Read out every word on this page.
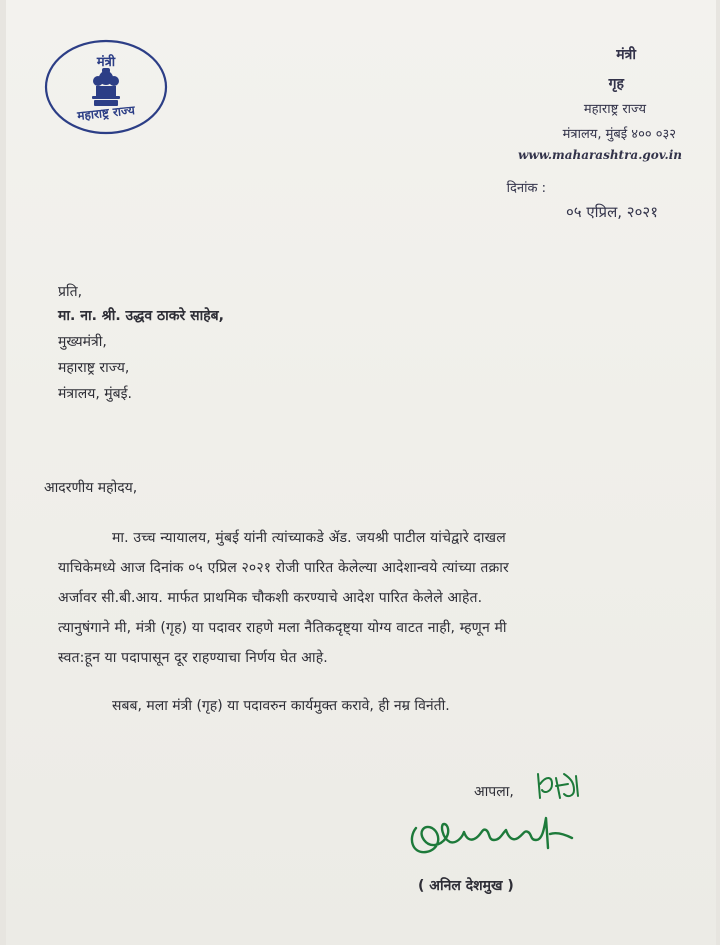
मंत्री
महाराष्ट्र राज्य
मंत्री
गृह
महाराष्ट्र राज्य
मंत्रालय, मुंबई ४०० ०३२
www.maharashtra.gov.in
दिनांक :
०५ एप्रिल, २०२१
प्रति,
मा. ना. श्री. उद्धव ठाकरे साहेब,
मुख्यमंत्री,
महाराष्ट्र राज्य,
मंत्रालय, मुंबई.
आदरणीय महोदय,
मा. उच्च न्यायालय, मुंबई यांनी त्यांच्याकडे ॲड. जयश्री पाटील यांचेद्वारे दाखल
याचिकेमध्ये आज दिनांक ०५ एप्रिल २०२१ रोजी पारित केलेल्या आदेशान्वये त्यांच्या तक्रार
अर्जावर सी.बी.आय. मार्फत प्राथमिक चौकशी करण्याचे आदेश पारित केलेले आहेत.
त्यानुषंगाने मी, मंत्री (गृह) या पदावर राहणे मला नैतिकदृष्ट्या योग्य वाटत नाही, म्हणून मी
स्वत:हून या पदापासून दूर राहण्याचा निर्णय घेत आहे.
सबब, मला मंत्री (गृह) या पदावरुन कार्यमुक्त करावे, ही नम्र विनंती.
आपला,
( अनिल देशमुख )
